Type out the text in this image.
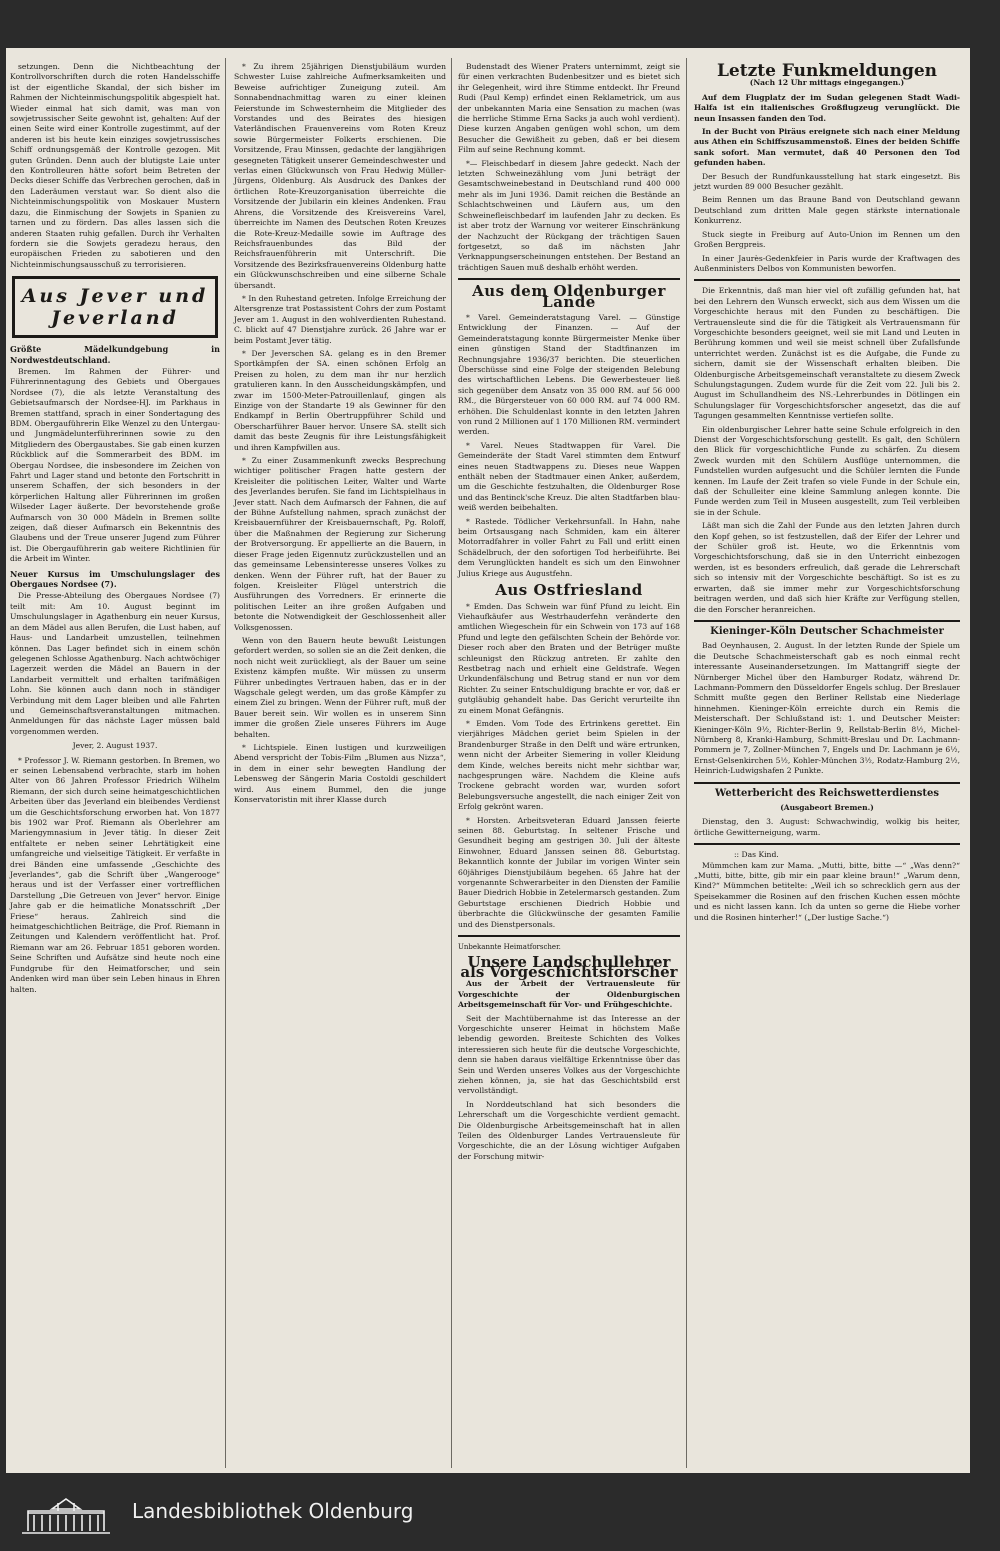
setzungen. Denn die Nichtbeachtung der Kontrollvorschriften durch die roten Handelsschiffe ist der eigentliche Skandal, der sich bisher im Rahmen der Nichteinmischungspolitik abgespielt hat. Wieder einmal hat sich damit, was man von sowjetrussischer Seite gewohnt ist, gehalten: Auf der einen Seite wird einer Kontrolle zugestimmt, auf der anderen ist bis heute kein einziges sowjetrussisches Schiff ordnungsgemäß der Kontrolle gezogen. Mit guten Gründen. Denn auch der blutigste Laie unter den Kontrolleuren hätte sofort beim Betreten der Decks dieser Schiffe das Verbrechen gerochen, daß in den Laderäumen verstaut war. So dient also die Nichteinmischungspolitik von Moskauer Mustern dazu, die Einmischung der Sowjets in Spanien zu tarnen und zu fördern. Das alles lassen sich die anderen Staaten ruhig gefallen. Durch ihr Verhalten fordern sie die Sowjets geradezu heraus, den europäischen Frieden zu sabotieren und den Nichteinmischungsausschuß zu terrorisieren.

Aus Jever und Jeverland
Größte Mädelkundgebung in Nordwestdeutschland.

Bremen. Im Rahmen der Führer- und Führerinnentagung des Gebiets und Obergaues Nordsee (7), die als letzte Veranstaltung des Gebietsaufmarsch der Nordsee-HJ. im Parkhaus in Bremen stattfand, sprach in einer Sondertagung des BDM. Obergauführerin Elke Wenzel zu den Untergau- und Jungmädelunterführerinnen sowie zu den Mitgliedern des Obergaustabes. Sie gab einen kurzen Rückblick auf die Sommerarbeit des BDM. im Obergau Nordsee, die insbesondere im Zeichen von Fahrt und Lager stand und betonte den Fortschritt in unserem Schaffen, der sich besonders in der körperlichen Haltung aller Führerinnen im großen Wilseder Lager äußerte. Der bevorstehende große Aufmarsch von 30 000 Mädeln in Bremen sollte zeigen, daß dieser Aufmarsch ein Bekenntnis des Glaubens und der Treue unserer Jugend zum Führer ist. Die Obergauführerin gab weitere Richtlinien für die Arbeit im Winter.

Neuer Kursus im Umschulungslager des Obergaues Nordsee (7).

Die Presse-Abteilung des Obergaues Nordsee (7) teilt mit: Am 10. August beginnt im Umschulungslager in Agathenburg ein neuer Kursus, an dem Mädel aus allen Berufen, die Lust haben, auf Haus- und Landarbeit umzustellen, teilnehmen können. Das Lager befindet sich in einem schön gelegenen Schlosse Agathenburg. Nach achtwöchiger Lagerzeit werden die Mädel an Bauern in der Landarbeit vermittelt und erhalten tarifmäßigen Lohn. Sie können auch dann noch in ständiger Verbindung mit dem Lager bleiben und alle Fahrten und Gemeinschaftsveranstaltungen mitmachen. Anmeldungen für das nächste Lager müssen bald vorgenommen werden.

Jever, 2. August 1937.

* Professor J. W. Riemann gestorben. In Bremen, wo er seinen Lebensabend verbrachte, starb im hohen Alter von 86 Jahren Professor Friedrich Wilhelm Riemann, der sich durch seine heimatgeschichtlichen Arbeiten über das Jeverland ein bleibendes Verdienst um die Geschichtsforschung erworben hat. Von 1877 bis 1902 war Prof. Riemann als Oberlehrer am Mariengymnasium in Jever tätig. In dieser Zeit entfaltete er neben seiner Lehrtätigkeit eine umfangreiche und vielseitige Tätigkeit. Er verfaßte in drei Bänden eine umfassende „Geschichte des Jeverlandes“, gab die Schrift über „Wangerooge“ heraus und ist der Verfasser einer vortrefflichen Darstellung „Die Getreuen von Jever“ hervor. Einige Jahre gab er die heimatliche Monatsschrift „Der Friese“ heraus. Zahlreich sind die heimatgeschichtlichen Beiträge, die Prof. Riemann in Zeitungen und Kalendern veröffentlicht hat. Prof. Riemann war am 26. Februar 1851 geboren worden. Seine Schriften und Aufsätze sind heute noch eine Fundgrube für den Heimatforscher, und sein Andenken wird man über sein Leben hinaus in Ehren halten.

* Zu ihrem 25jährigen Dienstjubiläum wurden Schwester Luise zahlreiche Aufmerksamkeiten und Beweise aufrichtiger Zuneigung zuteil. Am Sonnabendnachmittag waren zu einer kleinen Feierstunde im Schwesternheim die Mitglieder des Vorstandes und des Beirates des hiesigen Vaterländischen Frauenvereins vom Roten Kreuz sowie Bürgermeister Folkerts erschienen. Die Vorsitzende, Frau Minssen, gedachte der langjährigen gesegneten Tätigkeit unserer Gemeindeschwester und verlas einen Glückwunsch von Frau Hedwig Müller-Jürgens, Oldenburg. Als Ausdruck des Dankes der örtlichen Rote-Kreuzorganisation überreichte die Vorsitzende der Jubilarin ein kleines Andenken. Frau Ahrens, die Vorsitzende des Kreisvereins Varel, überreichte im Namen des Deutschen Roten Kreuzes die Rote-Kreuz-Medaille sowie im Auftrage des Reichsfrauenbundes das Bild der Reichsfrauenführerin mit Unterschrift. Die Vorsitzende des Bezirksfrauenvereins Oldenburg hatte ein Glückwunschschreiben und eine silberne Schale übersandt.

* In den Ruhestand getreten. Infolge Erreichung der Altersgrenze trat Postassistent Cohrs der zum Postamt Jever am 1. August in den wohlverdienten Ruhestand. C. blickt auf 47 Dienstjahre zurück. 26 Jahre war er beim Postamt Jever tätig.

* Der Jeverschen SA. gelang es in den Bremer Sportkämpfen der SA. einen schönen Erfolg an Preisen zu holen, zu dem man ihr nur herzlich gratulieren kann. In den Ausscheidungskämpfen, und zwar im 1500-Meter-Patrouillenlauf, gingen als Einzige von der Standarte 19 als Gewinner für den Endkampf in Berlin Obertruppführer Schild und Oberscharführer Bauer hervor. Unsere SA. stellt sich damit das beste Zeugnis für ihre Leistungsfähigkeit und ihren Kampfwillen aus.

* Zu einer Zusammenkunft zwecks Besprechung wichtiger politischer Fragen hatte gestern der Kreisleiter die politischen Leiter, Walter und Warte des Jeverlandes berufen. Sie fand im Lichtspielhaus in Jever statt. Nach dem Aufmarsch der Fahnen, die auf der Bühne Aufstellung nahmen, sprach zunächst der Kreisbauernführer der Kreisbauernschaft, Pg. Roloff, über die Maßnahmen der Regierung zur Sicherung der Brotversorgung. Er appellierte an die Bauern, in dieser Frage jeden Eigennutz zurückzustellen und an das gemeinsame Lebensinteresse unseres Volkes zu denken. Wenn der Führer ruft, hat der Bauer zu folgen. Kreisleiter Flügel unterstrich die Ausführungen des Vorredners. Er erinnerte die politischen Leiter an ihre großen Aufgaben und betonte die Notwendigkeit der Geschlossenheit aller Volksgenossen.

Wenn von den Bauern heute bewußt Leistungen gefordert werden, so sollen sie an die Zeit denken, die noch nicht weit zurückliegt, als der Bauer um seine Existenz kämpfen mußte. Wir müssen zu unserm Führer unbedingtes Vertrauen haben, das er in der Wagschale gelegt werden, um das große Kämpfer zu einem Ziel zu bringen. Wenn der Führer ruft, muß der Bauer bereit sein. Wir wollen es in unserem Sinn immer die großen Ziele unseres Führers im Auge behalten.

* Lichtspiele. Einen lustigen und kurzweiligen Abend verspricht der Tobis-Film „Blumen aus Nizza“, in dem in einer sehr bewegten Handlung der Lebensweg der Sängerin Maria Costoldi geschildert wird. Aus einem Bummel, den die junge Konservatoristin mit ihrer Klasse durch

Budenstadt des Wiener Praters unternimmt, zeigt sie für einen verkrachten Budenbesitzer und es bietet sich ihr Gelegenheit, wird ihre Stimme entdeckt. Ihr Freund Rudi (Paul Kemp) erfindet einen Reklametrick, um aus der unbekannten Maria eine Sensation zu machen (was die herrliche Stimme Erna Sacks ja auch wohl verdient). Diese kurzen Angaben genügen wohl schon, um dem Besucher die Gewißheit zu geben, daß er bei diesem Film auf seine Rechnung kommt.

*— Fleischbedarf in diesem Jahre gedeckt. Nach der letzten Schweinezählung vom Juni beträgt der Gesamtschweinebestand in Deutschland rund 400 000 mehr als im Juni 1936. Damit reichen die Bestände an Schlachtschweinen und Läufern aus, um den Schweinefleischbedarf im laufenden Jahr zu decken. Es ist aber trotz der Warnung vor weiterer Einschränkung der Nachzucht der Rückgang der trächtigen Sauen fortgesetzt, so daß im nächsten Jahr Verknappungserscheinungen entstehen. Der Bestand an trächtigen Sauen muß deshalb erhöht werden.

Aus dem Oldenburger Lande

* Varel. Gemeinderatstagung Varel. — Günstige Entwicklung der Finanzen. — Auf der Gemeinderatstagung konnte Bürgermeister Menke über einen günstigen Stand der Stadtfinanzen im Rechnungsjahre 1936/37 berichten. Die steuerlichen Überschüsse sind eine Folge der steigenden Belebung des wirtschaftlichen Lebens. Die Gewerbesteuer ließ sich gegenüber dem Ansatz von 35 000 RM. auf 56 000 RM., die Bürgersteuer von 60 000 RM. auf 74 000 RM. erhöhen. Die Schuldenlast konnte in den letzten Jahren von rund 2 Millionen auf 1 170 Millionen RM. vermindert werden.

* Varel. Neues Stadtwappen für Varel. Die Gemeinderäte der Stadt Varel stimmten dem Entwurf eines neuen Stadtwappens zu. Dieses neue Wappen enthält neben der Stadtmauer einen Anker, außerdem, um die Geschichte festzuhalten, die Oldenburger Rose und das Bentinck'sche Kreuz. Die alten Stadtfarben blau-weiß werden beibehalten.

* Rastede. Tödlicher Verkehrsunfall. In Hahn, nahe beim Ortsausgang nach Schmiden, kam ein älterer Motorradfahrer in voller Fahrt zu Fall und erlitt einen Schädelbruch, der den sofortigen Tod herbeiführte. Bei dem Verunglückten handelt es sich um den Einwohner Julius Kriege aus Augustfehn.

Aus Ostfriesland

* Emden. Das Schwein war fünf Pfund zu leicht. Ein Viehaufkäufer aus Westrhauderfehn veränderte den amtlichen Wiegeschein für ein Schwein von 173 auf 168 Pfund und legte den gefälschten Schein der Behörde vor. Dieser roch aber den Braten und der Betrüger mußte schleunigst den Rückzug antreten. Er zahlte den Restbetrag nach und erhielt eine Geldstrafe. Wegen Urkundenfälschung und Betrug stand er nun vor dem Richter. Zu seiner Entschuldigung brachte er vor, daß er gutgläubig gehandelt habe. Das Gericht verurteilte ihn zu einem Monat Gefängnis.

* Emden. Vom Tode des Ertrinkens gerettet. Ein vierjähriges Mädchen geriet beim Spielen in der Brandenburger Straße in den Delft und wäre ertrunken, wenn nicht der Arbeiter Siemering in voller Kleidung dem Kinde, welches bereits nicht mehr sichtbar war, nachgesprungen wäre. Nachdem die Kleine aufs Trockene gebracht worden war, wurden sofort Belebungsversuche angestellt, die nach einiger Zeit von Erfolg gekrönt waren.

* Horsten. Arbeitsveteran Eduard Janssen feierte seinen 88. Geburtstag. In seltener Frische und Gesundheit beging am gestrigen 30. Juli der älteste Einwohner, Eduard Janssen seinen 88. Geburtstag. Bekanntlich konnte der Jubilar im vorigen Winter sein 60jähriges Dienstjubiläum begehen. 65 Jahre hat der vorgenannte Schwerarbeiter in den Diensten der Familie Bauer Diedrich Hobbie in Zetelermarsch gestanden. Zum Geburtstage erschienen Diedrich Hobbie und überbrachte die Glückwünsche der gesamten Familie und des Dienstpersonals.

Unbekannte Heimatforscher.
Unsere Landschullehrer als Vorgeschichtsforscher

Aus der Arbeit der Vertrauensleute für Vorgeschichte der Oldenburgischen Arbeitsgemeinschaft für Vor- und Frühgeschichte.

Seit der Machtübernahme ist das Interesse an der Vorgeschichte unserer Heimat in höchstem Maße lebendig geworden. Breiteste Schichten des Volkes interessieren sich heute für die deutsche Vorgeschichte, denn sie haben daraus vielfältige Erkenntnisse über das Sein und Werden unseres Volkes aus der Vorgeschichte ziehen können, ja, sie hat das Geschichtsbild erst vervollständigt.

In Norddeutschland hat sich besonders die Lehrerschaft um die Vorgeschichte verdient gemacht. Die Oldenburgische Arbeitsgemeinschaft hat in allen Teilen des Oldenburger Landes Vertrauensleute für Vorgeschichte, die an der Lösung wichtiger Aufgaben der Forschung mitwir-

Letzte Funkmeldungen
(Nach 12 Uhr mittags eingegangen.)

Auf dem Flugplatz der im Sudan gelegenen Stadt Wadi-Halfa ist ein italienisches Großflugzeug verunglückt. Die neun Insassen fanden den Tod.

In der Bucht von Piräus ereignete sich nach einer Meldung aus Athen ein Schiffszusammenstoß. Eines der beiden Schiffe sank sofort. Man vermutet, daß 40 Personen den Tod gefunden haben.

Der Besuch der Rundfunkausstellung hat stark eingesetzt. Bis jetzt wurden 89 000 Besucher gezählt.

Beim Rennen um das Braune Band von Deutschland gewann Deutschland zum dritten Male gegen stärkste internationale Konkurrenz.

Stuck siegte in Freiburg auf Auto-Union im Rennen um den Großen Bergpreis.

In einer Jaurès-Gedenkfeier in Paris wurde der Kraftwagen des Außenministers Delbos von Kommunisten beworfen.

Die Erkenntnis, daß man hier viel oft zufällig gefunden hat, hat bei den Lehrern den Wunsch erweckt, sich aus dem Wissen um die Vorgeschichte heraus mit den Funden zu beschäftigen. Die Vertrauensleute sind die für die Tätigkeit als Vertrauensmann für Vorgeschichte besonders geeignet, weil sie mit Land und Leuten in Berührung kommen und weil sie meist schnell über Zufallsfunde unterrichtet werden. Zunächst ist es die Aufgabe, die Funde zu sichern, damit sie der Wissenschaft erhalten bleiben. Die Oldenburgische Arbeitsgemeinschaft veranstaltete zu diesem Zweck Schulungstagungen. Zudem wurde für die Zeit vom 22. Juli bis 2. August im Schullandheim des NS.-Lehrerbundes in Dötlingen ein Schulungslager für Vorgeschichtsforscher angesetzt, das die auf Tagungen gesammelten Kenntnisse vertiefen sollte.

Ein oldenburgischer Lehrer hatte seine Schule erfolgreich in den Dienst der Vorgeschichtsforschung gestellt. Es galt, den Schülern den Blick für vorgeschichtliche Funde zu schärfen. Zu diesem Zweck wurden mit den Schülern Ausflüge unternommen, die Fundstellen wurden aufgesucht und die Schüler lernten die Funde kennen. Im Laufe der Zeit trafen so viele Funde in der Schule ein, daß der Schulleiter eine kleine Sammlung anlegen konnte. Die Funde werden zum Teil in Museen ausgestellt, zum Teil verbleiben sie in der Schule.

Läßt man sich die Zahl der Funde aus den letzten Jahren durch den Kopf gehen, so ist festzustellen, daß der Eifer der Lehrer und der Schüler groß ist. Heute, wo die Erkenntnis vom Vorgeschichtsforschung, daß sie in den Unterricht einbezogen werden, ist es besonders erfreulich, daß gerade die Lehrerschaft sich so intensiv mit der Vorgeschichte beschäftigt. So ist es zu erwarten, daß sie immer mehr zur Vorgeschichtsforschung beitragen werden, und daß sich hier Kräfte zur Verfügung stellen, die den Forscher heranreichen.

Kieninger-Köln Deutscher Schachmeister

Bad Oeynhausen, 2. August. In der letzten Runde der Spiele um die Deutsche Schachmeisterschaft gab es noch einmal recht interessante Auseinandersetzungen. Im Mattangriff siegte der Nürnberger Michel über den Hamburger Rodatz, während Dr. Lachmann-Pommern den Düsseldorfer Engels schlug. Der Breslauer Schmitt mußte gegen den Berliner Rellstab eine Niederlage hinnehmen. Kieninger-Köln erreichte durch ein Remis die Meisterschaft. Der Schlußstand ist: 1. und Deutscher Meister: Kieninger-Köln 9½, Richter-Berlin 9, Rellstab-Berlin 8½, Michel-Nürnberg 8, Kranki-Hamburg, Schmitt-Breslau und Dr. Lachmann-Pommern je 7, Zollner-München 7, Engels und Dr. Lachmann je 6½, Ernst-Gelsenkirchen 5½, Kohler-München 3½, Rodatz-Hamburg 2½, Heinrich-Ludwigshafen 2 Punkte.

Wetterbericht des Reichswetterdienstes
(Ausgabeort Bremen.)

Dienstag, den 3. August: Schwachwindig, wolkig bis heiter, örtliche Gewitterneigung, warm.

:: Das Kind.

Mümmchen kam zur Mama. „Mutti, bitte, bitte —“ „Was denn?“ „Mutti, bitte, bitte, gib mir ein paar kleine braun!“ „Warum denn, Kind?“ Mümmchen betitelte: „Weil ich so schrecklich gern aus der Speisekammer die Rosinen auf den frischen Kuchen essen möchte und es nicht lassen kann. Ich da unten so gerne die Hiebe vorher und die Rosinen hinterher!“ („Der lustige Sache.“)

Landesbibliothek Oldenburg
